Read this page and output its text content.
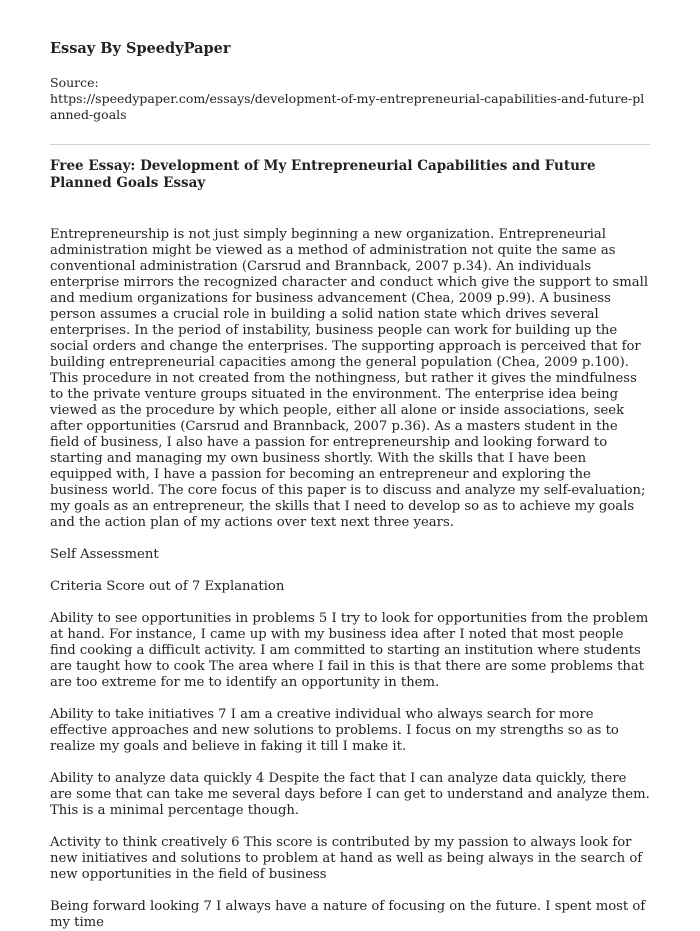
Essay By SpeedyPaper
Source:
https://speedypaper.com/essays/development-of-my-entrepreneurial-capabilities-and-future-planned-goals
Free Essay: Development of My Entrepreneurial Capabilities and Future Planned Goals Essay

Entrepreneurship is not just simply beginning a new organization. Entrepreneurial administration might be viewed as a method of administration not quite the same as conventional administration (Carsrud and Brannback, 2007 p.34). An individuals enterprise mirrors the recognized character and conduct which give the support to small and medium organizations for business advancement (Chea, 2009 p.99). A business person assumes a crucial role in building a solid nation state which drives several enterprises. In the period of instability, business people can work for building up the social orders and change the enterprises. The supporting approach is perceived that for building entrepreneurial capacities among the general population (Chea, 2009 p.100). This procedure in not created from the nothingness, but rather it gives the mindfulness to the private venture groups situated in the environment. The enterprise idea being viewed as the procedure by which people, either all alone or inside associations, seek after opportunities (Carsrud and Brannback, 2007 p.36). As a masters student in the field of business, I also have a passion for entrepreneurship and looking forward to starting and managing my own business shortly. With the skills that I have been equipped with, I have a passion for becoming an entrepreneur and exploring the business world. The core focus of this paper is to discuss and analyze my self-evaluation; my goals as an entrepreneur, the skills that I need to develop so as to achieve my goals and the action plan of my actions over text next three years.

Self Assessment

Criteria Score out of 7 Explanation

Ability to see opportunities in problems 5 I try to look for opportunities from the problem at hand. For instance, I came up with my business idea after I noted that most people find cooking a difficult activity. I am committed to starting an institution where students are taught how to cook The area where I fail in this is that there are some problems that are too extreme for me to identify an opportunity in them.

Ability to take initiatives 7 I am a creative individual who always search for more effective approaches and new solutions to problems. I focus on my strengths so as to realize my goals and believe in faking it till I make it.

Ability to analyze data quickly 4 Despite the fact that I can analyze data quickly, there are some that can take me several days before I can get to understand and analyze them. This is a minimal percentage though.

Activity to think creatively 6 This score is contributed by my passion to always look for new initiatives and solutions to problem at hand as well as being always in the search of new opportunities in the field of business

Being forward looking 7 I always have a nature of focusing on the future. I spent most of my time
